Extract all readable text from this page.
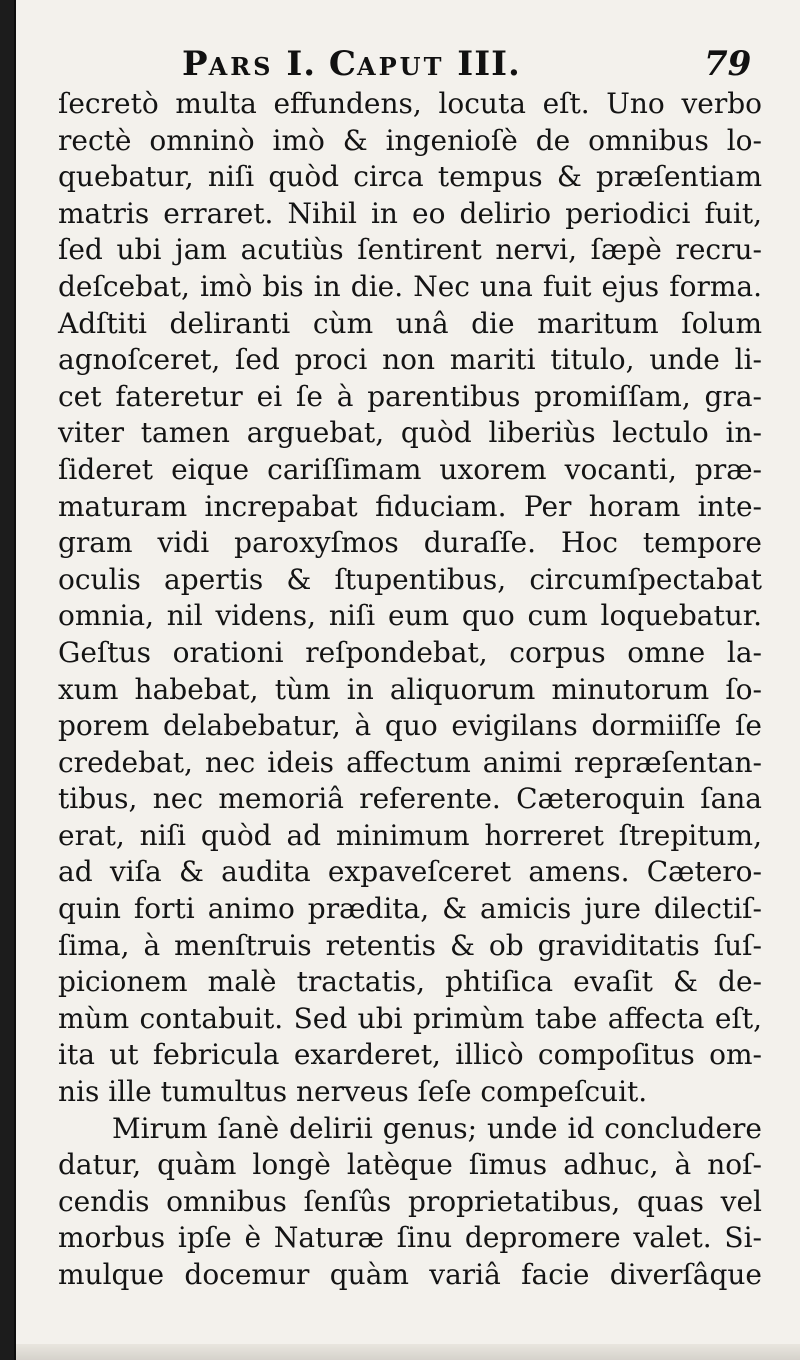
PARS I. CAPUT III.	79
ſecretò multa effundens, locuta eſt. Uno verbo
rectè omninò imò & ingenioſè de omnibus lo-
quebatur, niſi quòd circa tempus & præſentiam
matris erraret. Nihil in eo delirio periodici fuit,
ſed ubi jam acutiùs ſentirent nervi, ſæpè recru-
deſcebat, imò bis in die. Nec una fuit ejus forma.
Adſtiti deliranti cùm unâ die maritum ſolum
agnoſceret, ſed proci non mariti titulo, unde li-
cet fateretur ei ſe à parentibus promiſſam, gra-
viter tamen arguebat, quòd liberiùs lectulo in-
ſideret eique cariſſimam uxorem vocanti, præ-
maturam increpabat fiduciam. Per horam inte-
gram vidi paroxyſmos duraſſe. Hoc tempore
oculis apertis & ſtupentibus, circumſpectabat
omnia, nil videns, niſi eum quo cum loquebatur.
Geſtus orationi reſpondebat, corpus omne la-
xum habebat, tùm in aliquorum minutorum ſo-
porem delabebatur, à quo evigilans dormiiſſe ſe
credebat, nec ideis affectum animi repræſentan-
tibus, nec memoriâ referente. Cæteroquin ſana
erat, niſi quòd ad minimum horreret ſtrepitum,
ad viſa & audita expaveſceret amens. Cætero-
quin forti animo prædita, & amicis jure dilectiſ-
ſima, à menſtruis retentis & ob graviditatis ſuſ-
picionem malè tractatis, phtiſica evaſit & de-
mùm contabuit. Sed ubi primùm tabe affecta eſt,
ita ut febricula exarderet, illicò compoſitus om-
nis ille tumultus nerveus ſeſe compeſcuit.
Mirum ſanè delirii genus; unde id concludere
datur, quàm longè latèque ſimus adhuc, à noſ-
cendis omnibus ſenſûs proprietatibus, quas vel
morbus ipſe è Naturæ ſinu depromere valet. Si-
mulque docemur quàm variâ facie diverſâque
